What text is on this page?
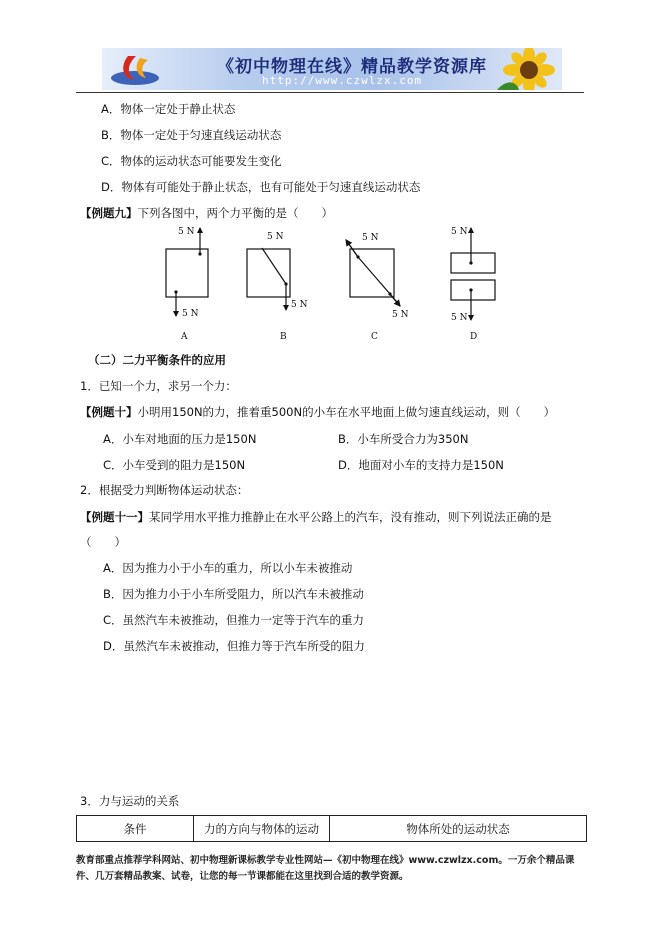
《初中物理在线》精品教学资源库
http://www.czwlzx.com
A．物体一定处于静止状态
B．物体一定处于匀速直线运动状态
C．物体的运动状态可能要发生变化
D．物体有可能处于静止状态，也有可能处于匀速直线运动状态
【例题九】下列各图中，两个力平衡的是（　　）
5 N
5 N
A
5 N
5 N
B
5 N
5 N
C
5 N
5 N
D
（二）二力平衡条件的应用
1．已知一个力，求另一个力：
【例题十】小明用150N的力，推着重500N的小车在水平地面上做匀速直线运动，则（　　）
A．小车对地面的压力是150N	B．小车所受合力为350N
C．小车受到的阻力是150N	D．地面对小车的支持力是150N
2．根据受力判断物体运动状态：
【例题十一】某同学用水平推力推静止在水平公路上的汽车，没有推动，则下列说法正确的是
（　　）
A．因为推力小于小车的重力，所以小车未被推动
B．因为推力小于小车所受阻力，所以汽车未被推动
C．虽然汽车未被推动，但推力一定等于汽车的重力
D．虽然汽车未被推动，但推力等于汽车所受的阻力
3．力与运动的关系
条件	力的方向与物体的运动	物体所处的运动状态
教育部重点推荐学科网站、初中物理新课标教学专业性网站—《初中物理在线》www.czwlzx.com。一万余个精品课件、几万套精品教案、试卷，让您的每一节课都能在这里找到合适的教学资源。
